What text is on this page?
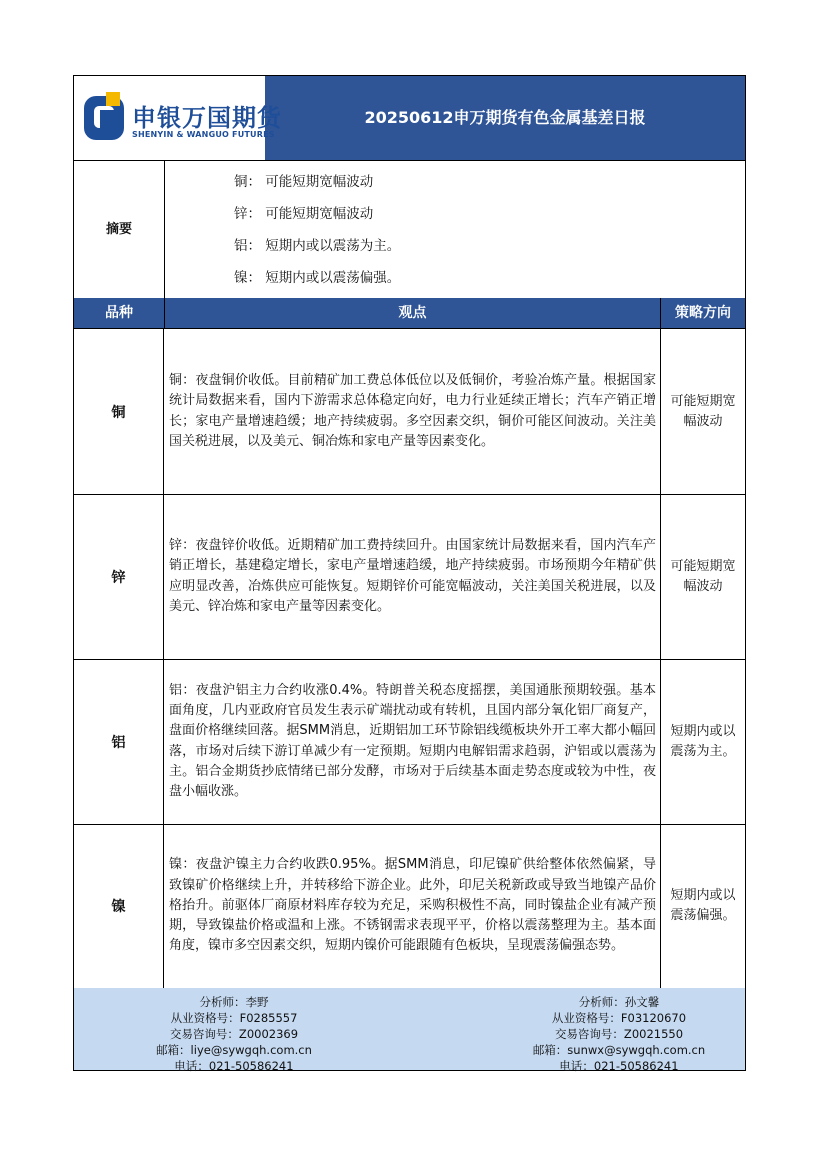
申银万国期货
SHENYIN & WANGUO FUTURES
20250612申万期货有色金属基差日报
摘要
铜： 可能短期宽幅波动
锌： 可能短期宽幅波动
铝： 短期内或以震荡为主。
镍： 短期内或以震荡偏强。
品种	观点	策略方向
铜
铜：夜盘铜价收低。目前精矿加工费总体低位以及低铜价，考验冶炼产量。根据国家统计局数据来看，国内下游需求总体稳定向好，电力行业延续正增长；汽车产销正增长；家电产量增速趋缓；地产持续疲弱。多空因素交织，铜价可能区间波动。关注美国关税进展，以及美元、铜冶炼和家电产量等因素变化。
可能短期宽幅波动
锌
锌：夜盘锌价收低。近期精矿加工费持续回升。由国家统计局数据来看，国内汽车产销正增长，基建稳定增长，家电产量增速趋缓，地产持续疲弱。市场预期今年精矿供应明显改善，冶炼供应可能恢复。短期锌价可能宽幅波动，关注美国关税进展，以及美元、锌冶炼和家电产量等因素变化。
可能短期宽幅波动
铝
铝：夜盘沪铝主力合约收涨0.4%。特朗普关税态度摇摆，美国通胀预期较强。基本面角度，几内亚政府官员发生表示矿端扰动或有转机，且国内部分氧化铝厂商复产，盘面价格继续回落。据SMM消息，近期铝加工环节除铝线缆板块外开工率大都小幅回落，市场对后续下游订单减少有一定预期。短期内电解铝需求趋弱，沪铝或以震荡为主。铝合金期货抄底情绪已部分发酵，市场对于后续基本面走势态度或较为中性，夜盘小幅收涨。
短期内或以震荡为主。
镍
镍：夜盘沪镍主力合约收跌0.95%。据SMM消息，印尼镍矿供给整体依然偏紧，导致镍矿价格继续上升，并转移给下游企业。此外，印尼关税新政或导致当地镍产品价格抬升。前驱体厂商原材料库存较为充足，采购积极性不高，同时镍盐企业有减产预期，导致镍盐价格或温和上涨。不锈钢需求表现平平，价格以震荡整理为主。基本面角度，镍市多空因素交织，短期内镍价可能跟随有色板块，呈现震荡偏强态势。
短期内或以震荡偏强。
分析师：李野
从业资格号：F0285557
交易咨询号：Z0002369
邮箱：liye@sywgqh.com.cn
电话：021-50586241
分析师：孙文馨
从业资格号：F03120670
交易咨询号：Z0021550
邮箱：sunwx@sywgqh.com.cn
电话：021-50586241
